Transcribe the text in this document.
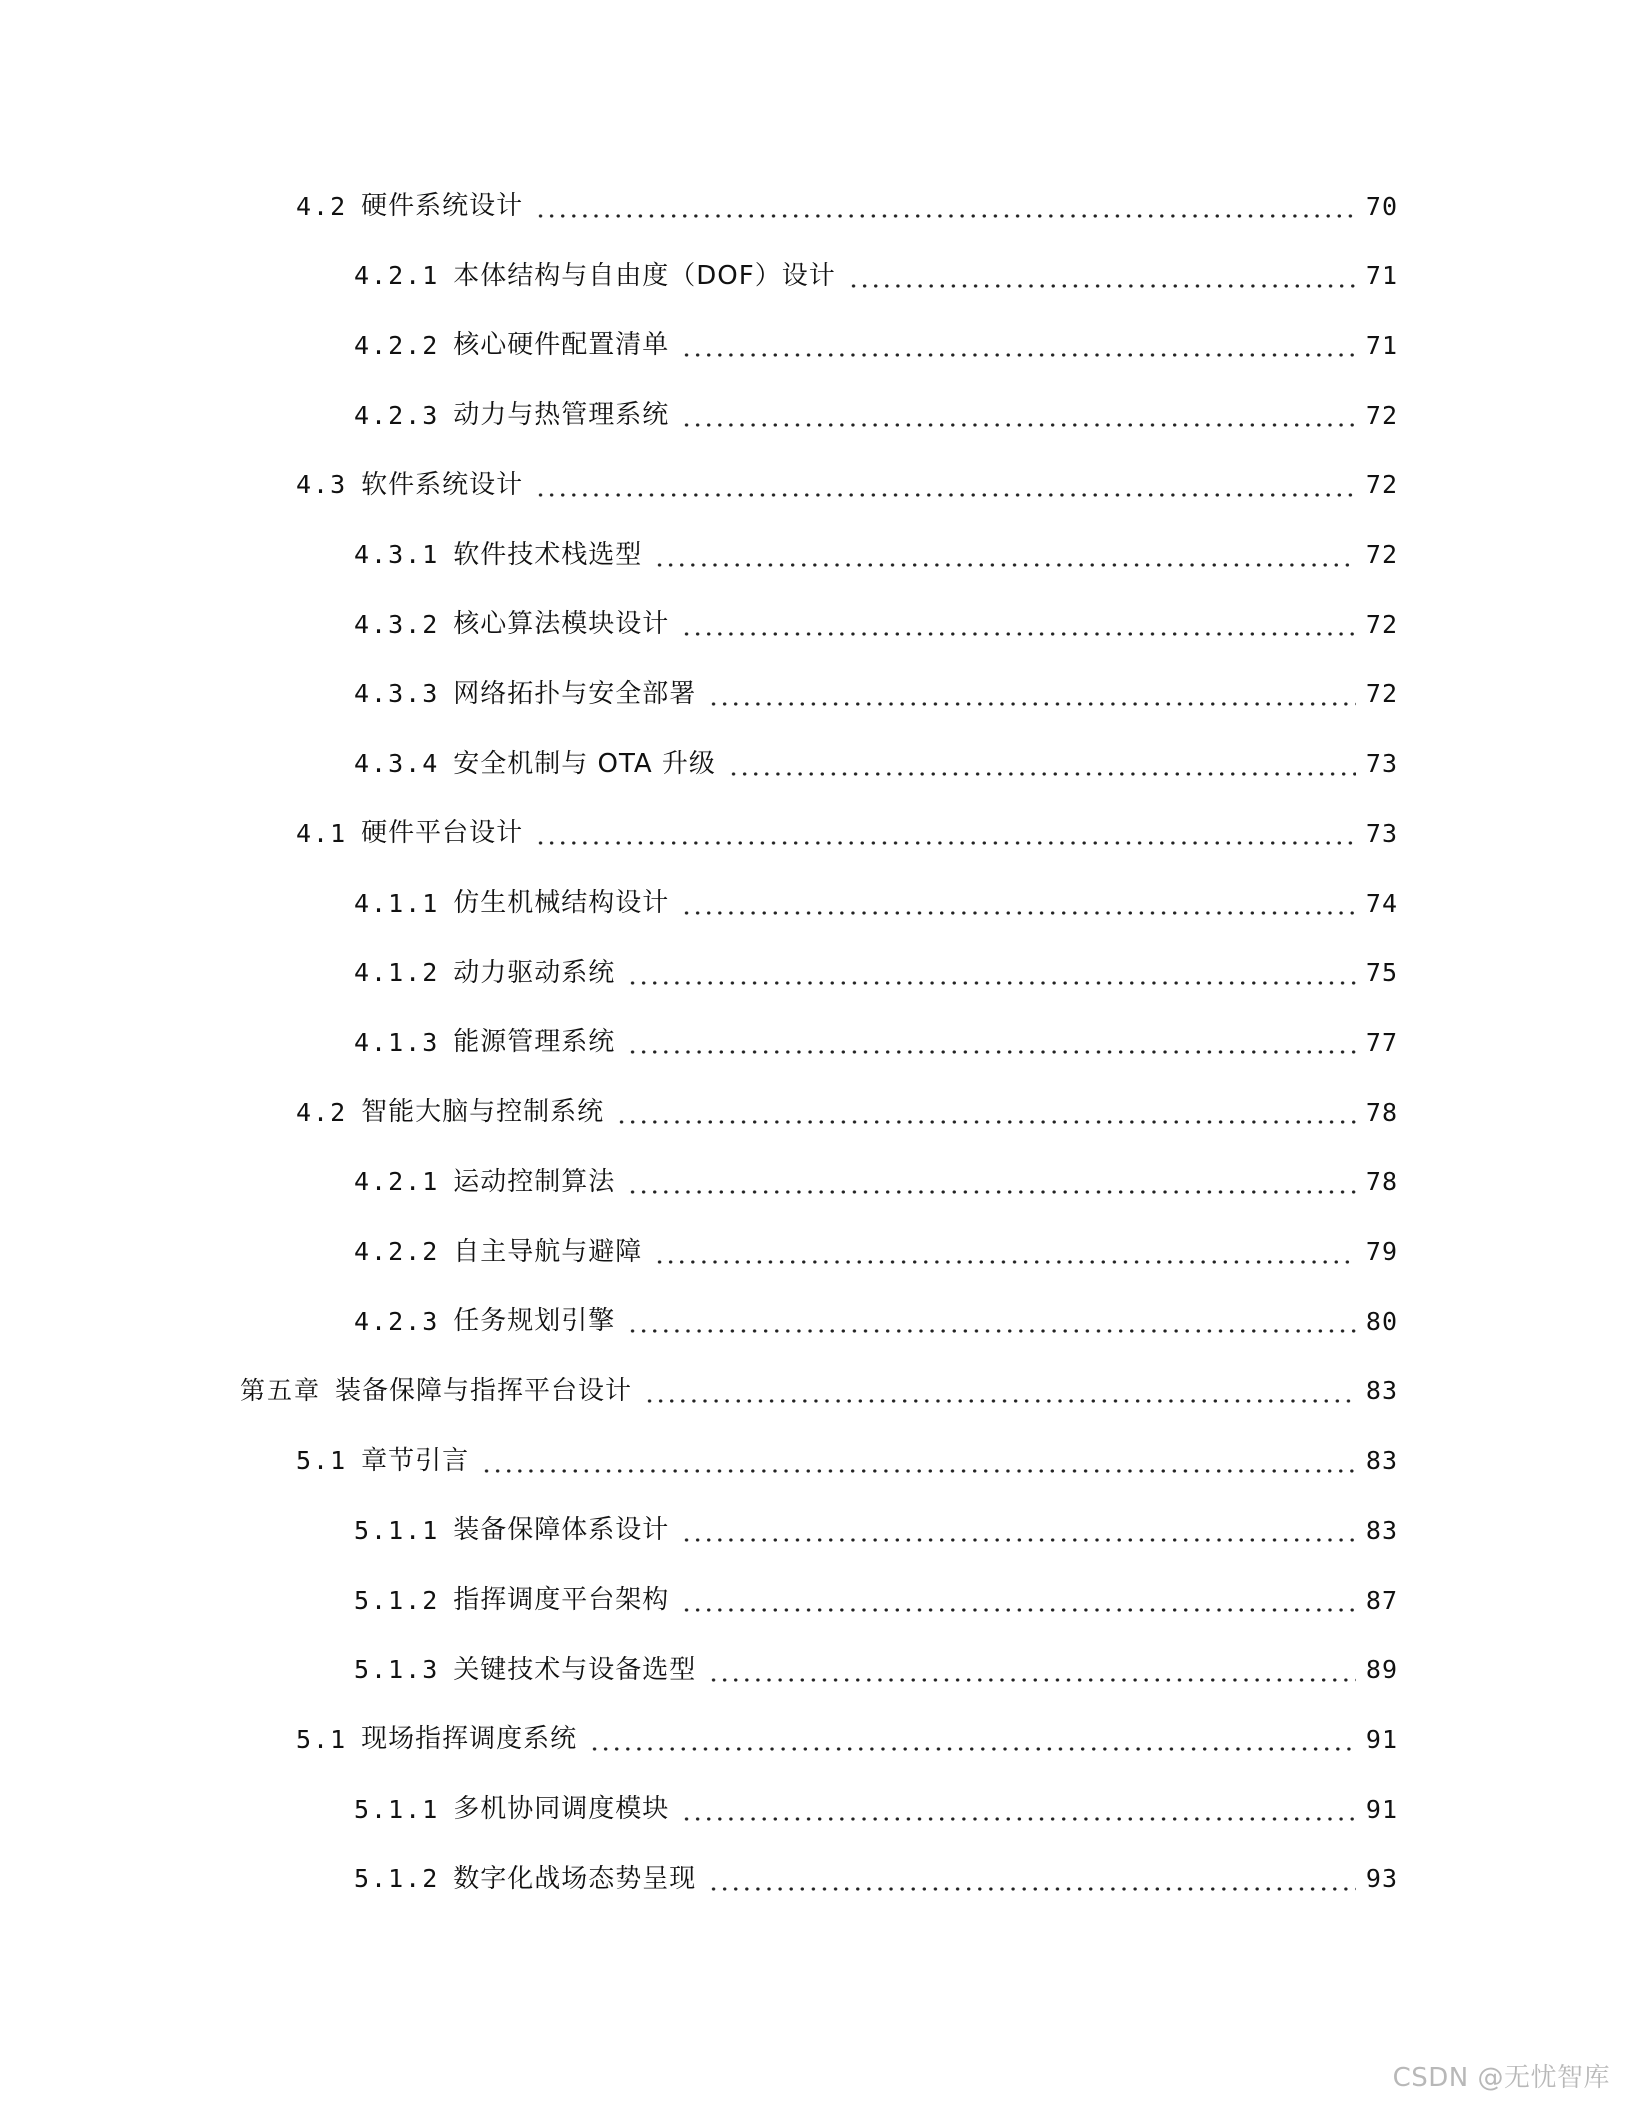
4.2 硬件系统设计	70
4.2.1 本体结构与自由度（DOF）设计	71
4.2.2 核心硬件配置清单	71
4.2.3 动力与热管理系统	72
4.3 软件系统设计	72
4.3.1 软件技术栈选型	72
4.3.2 核心算法模块设计	72
4.3.3 网络拓扑与安全部署	72
4.3.4 安全机制与 OTA 升级	73
4.1 硬件平台设计	73
4.1.1 仿生机械结构设计	74
4.1.2 动力驱动系统	75
4.1.3 能源管理系统	77
4.2 智能大脑与控制系统	78
4.2.1 运动控制算法	78
4.2.2 自主导航与避障	79
4.2.3 任务规划引擎	80
第五章 装备保障与指挥平台设计	83
5.1 章节引言	83
5.1.1 装备保障体系设计	83
5.1.2 指挥调度平台架构	87
5.1.3 关键技术与设备选型	89
5.1 现场指挥调度系统	91
5.1.1 多机协同调度模块	91
5.1.2 数字化战场态势呈现	93
CSDN @无忧智库
